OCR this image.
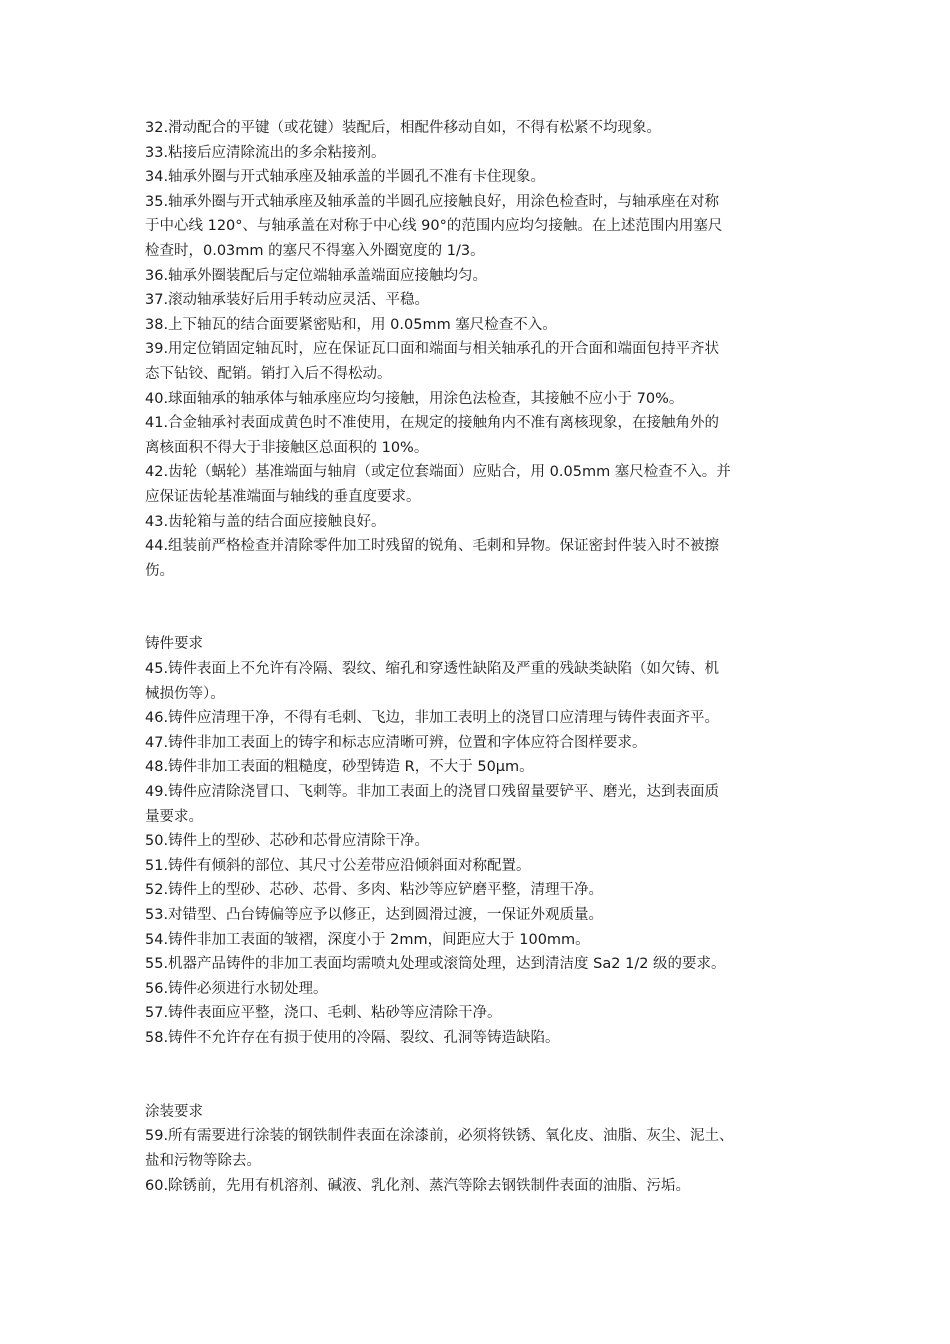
32.滑动配合的平键（或花键）装配后，相配件移动自如，不得有松紧不均现象。

33.粘接后应清除流出的多余粘接剂。

34.轴承外圈与开式轴承座及轴承盖的半圆孔不准有卡住现象。

35.轴承外圈与开式轴承座及轴承盖的半圆孔应接触良好，用涂色检查时，与轴承座在对称

于中心线 120°、与轴承盖在对称于中心线 90°的范围内应均匀接触。在上述范围内用塞尺

检查时，0.03mm 的塞尺不得塞入外圈宽度的 1/3。

36.轴承外圈装配后与定位端轴承盖端面应接触均匀。

37.滚动轴承装好后用手转动应灵活、平稳。

38.上下轴瓦的结合面要紧密贴和，用 0.05mm 塞尺检查不入。

39.用定位销固定轴瓦时，应在保证瓦口面和端面与相关轴承孔的开合面和端面包持平齐状

态下钻铰、配销。销打入后不得松动。

40.球面轴承的轴承体与轴承座应均匀接触，用涂色法检查，其接触不应小于 70%。

41.合金轴承衬表面成黄色时不准使用，在规定的接触角内不准有离核现象，在接触角外的

离核面积不得大于非接触区总面积的 10%。

42.齿轮（蜗轮）基准端面与轴肩（或定位套端面）应贴合，用 0.05mm 塞尺检查不入。并

应保证齿轮基准端面与轴线的垂直度要求。

43.齿轮箱与盖的结合面应接触良好。

44.组装前严格检查并清除零件加工时残留的锐角、毛刺和异物。保证密封件装入时不被擦

伤。

铸件要求

45.铸件表面上不允许有冷隔、裂纹、缩孔和穿透性缺陷及严重的残缺类缺陷（如欠铸、机

械损伤等）。

46.铸件应清理干净，不得有毛刺、飞边，非加工表明上的浇冒口应清理与铸件表面齐平。

47.铸件非加工表面上的铸字和标志应清晰可辨，位置和字体应符合图样要求。

48.铸件非加工表面的粗糙度，砂型铸造 R，不大于 50μm。

49.铸件应清除浇冒口、飞刺等。非加工表面上的浇冒口残留量要铲平、磨光，达到表面质

量要求。

50.铸件上的型砂、芯砂和芯骨应清除干净。

51.铸件有倾斜的部位、其尺寸公差带应沿倾斜面对称配置。

52.铸件上的型砂、芯砂、芯骨、多肉、粘沙等应铲磨平整，清理干净。

53.对错型、凸台铸偏等应予以修正，达到圆滑过渡，一保证外观质量。

54.铸件非加工表面的皱褶，深度小于 2mm，间距应大于 100mm。

55.机器产品铸件的非加工表面均需喷丸处理或滚筒处理，达到清洁度 Sa2 1/2 级的要求。

56.铸件必须进行水韧处理。

57.铸件表面应平整，浇口、毛刺、粘砂等应清除干净。

58.铸件不允许存在有损于使用的冷隔、裂纹、孔洞等铸造缺陷。

涂装要求

59.所有需要进行涂装的钢铁制件表面在涂漆前，必须将铁锈、氧化皮、油脂、灰尘、泥土、

盐和污物等除去。

60.除锈前，先用有机溶剂、碱液、乳化剂、蒸汽等除去钢铁制件表面的油脂、污垢。
